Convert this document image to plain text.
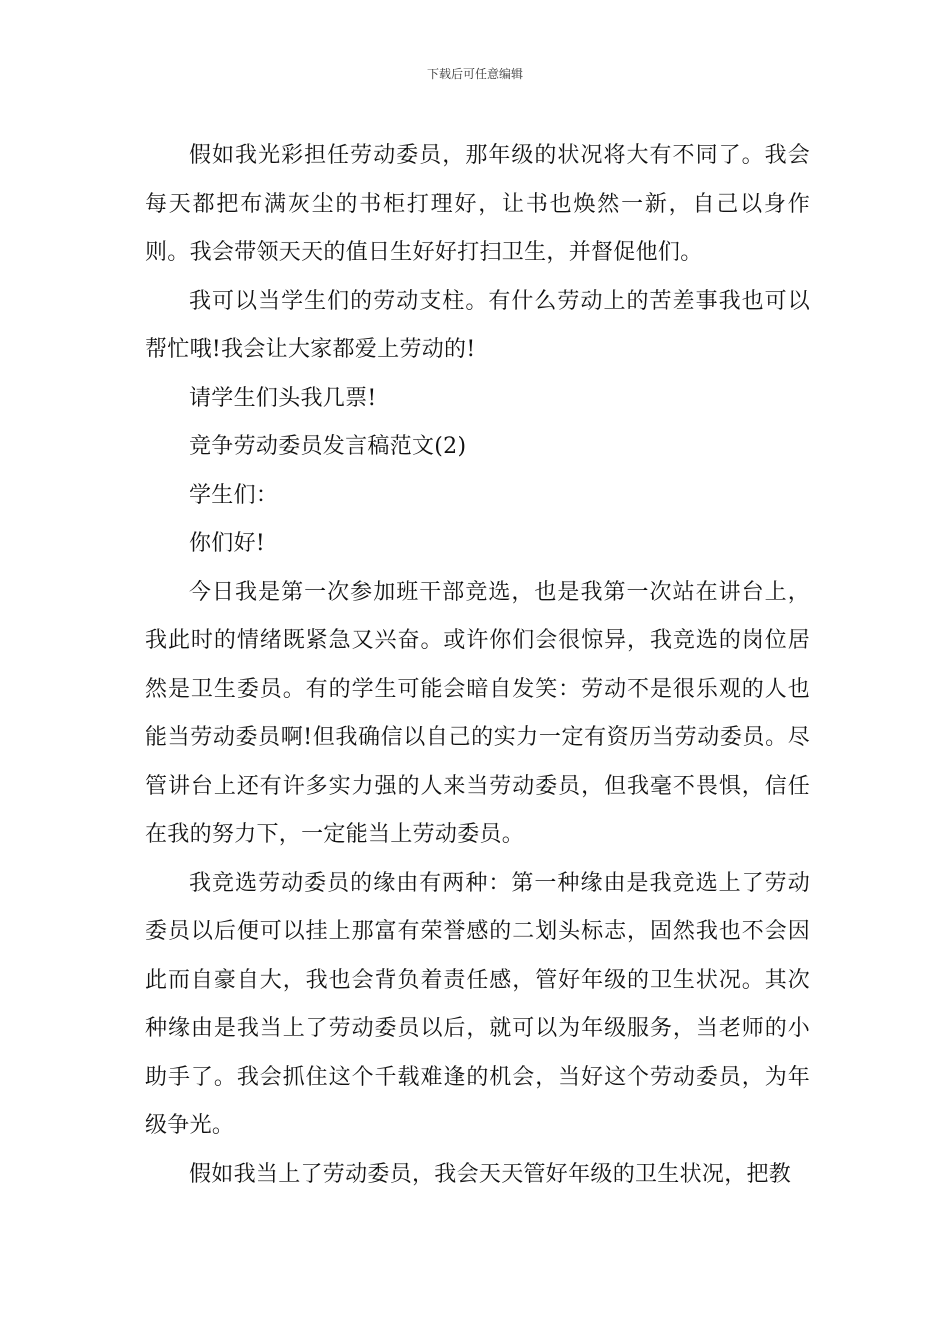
下载后可任意编辑

假如我光彩担任劳动委员，那年级的状况将大有不同了。我会每天都把布满灰尘的书柜打理好，让书也焕然一新，自己以身作则。我会带领天天的值日生好好打扫卫生，并督促他们。

我可以当学生们的劳动支柱。有什么劳动上的苦差事我也可以帮忙哦!我会让大家都爱上劳动的!

请学生们头我几票!

竞争劳动委员发言稿范文(2)

学生们：

你们好!

今日我是第一次参加班干部竞选，也是我第一次站在讲台上，我此时的情绪既紧急又兴奋。或许你们会很惊异，我竞选的岗位居然是卫生委员。有的学生可能会暗自发笑：劳动不是很乐观的人也能当劳动委员啊!但我确信以自己的实力一定有资历当劳动委员。尽管讲台上还有许多实力强的人来当劳动委员，但我毫不畏惧，信任在我的努力下，一定能当上劳动委员。

我竞选劳动委员的缘由有两种：第一种缘由是我竞选上了劳动委员以后便可以挂上那富有荣誉感的二划头标志，固然我也不会因此而自豪自大，我也会背负着责任感，管好年级的卫生状况。其次种缘由是我当上了劳动委员以后，就可以为年级服务，当老师的小助手了。我会抓住这个千载难逢的机会，当好这个劳动委员，为年级争光。

假如我当上了劳动委员，我会天天管好年级的卫生状况，把教
